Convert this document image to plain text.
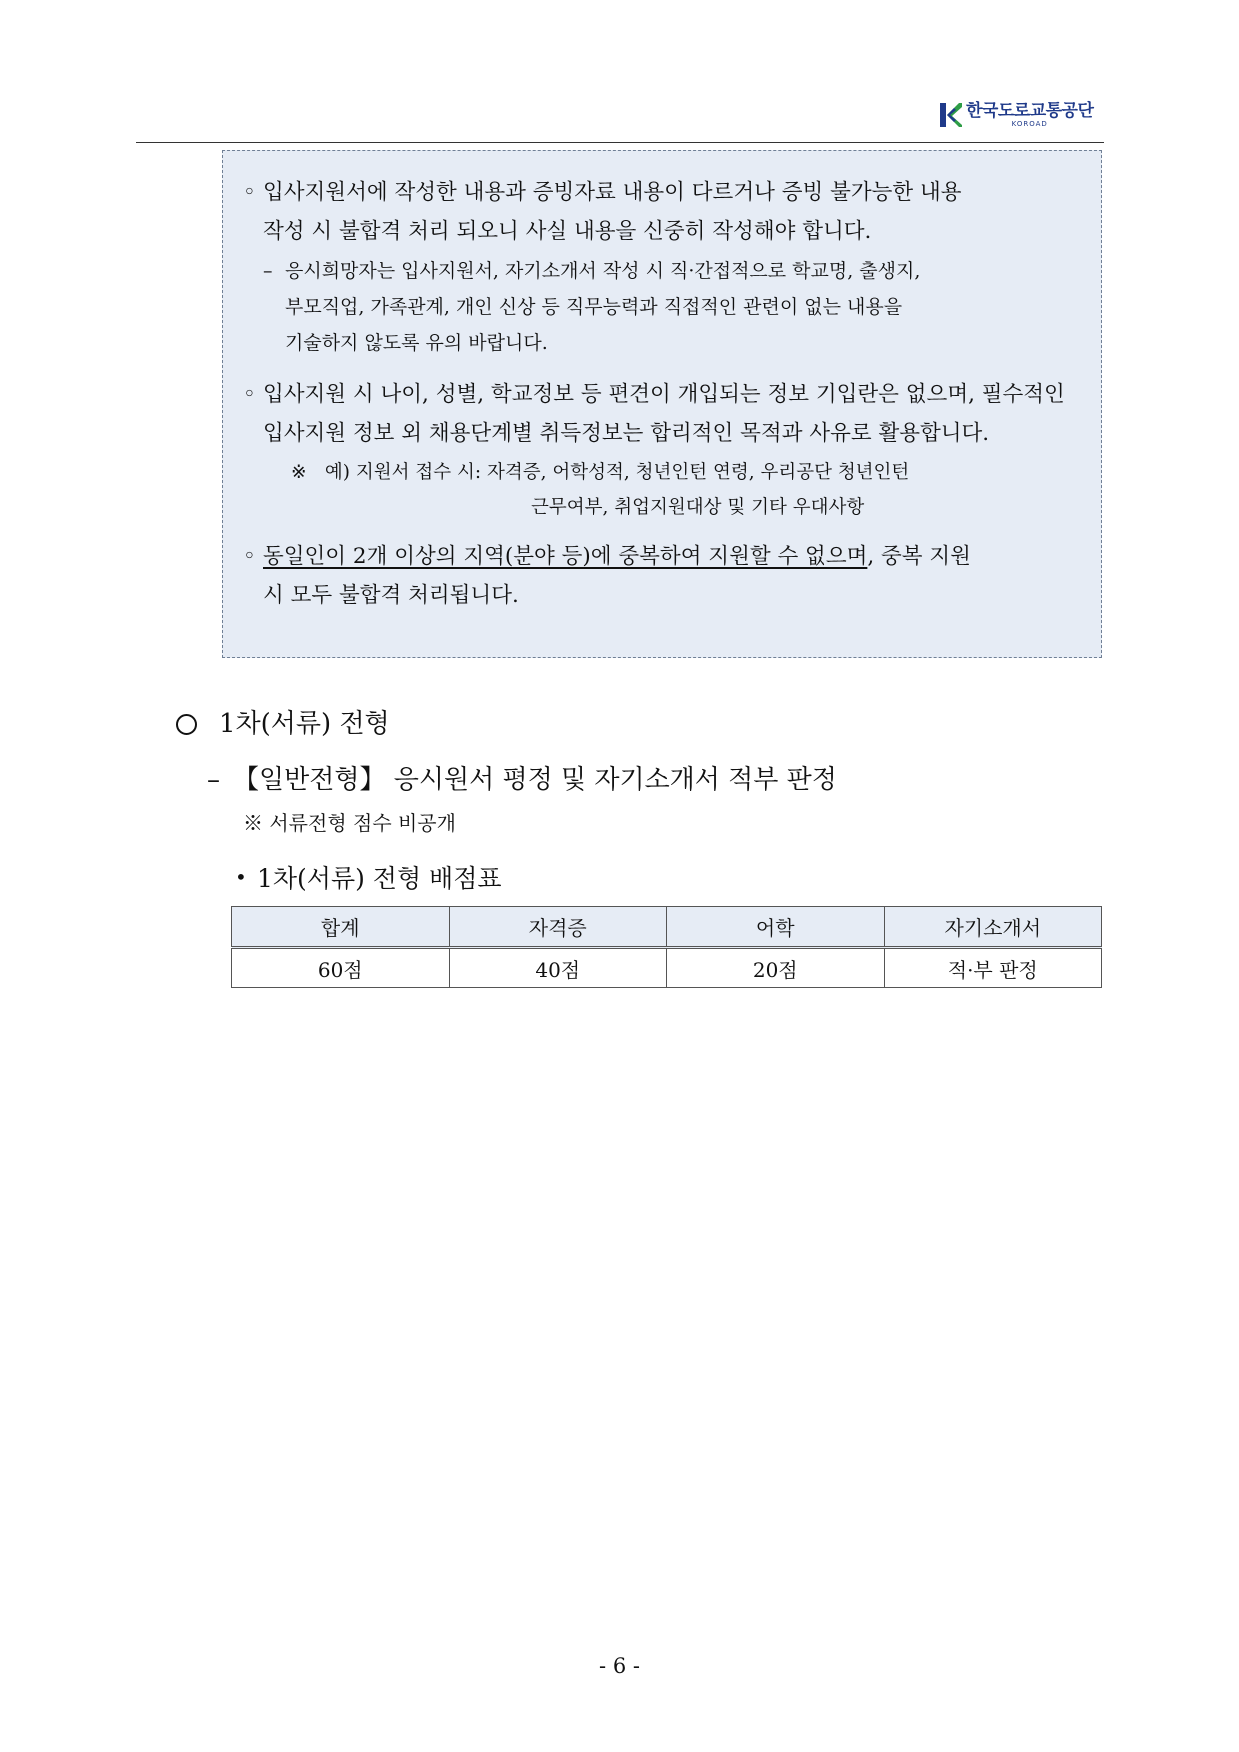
한국도로교통공단
KOROAD
◦ 입사지원서에 작성한 내용과 증빙자료 내용이 다르거나 증빙 불가능한 내용

작성 시 불합격 처리 되오니 사실 내용을 신중히 작성해야 합니다.

– 응시희망자는 입사지원서, 자기소개서 작성 시 직·간접적으로 학교명, 출생지,

부모직업, 가족관계, 개인 신상 등 직무능력과 직접적인 관련이 없는 내용을

기술하지 않도록 유의 바랍니다.

◦ 입사지원 시 나이, 성별, 학교정보 등 편견이 개입되는 정보 기입란은 없으며, 필수적인

입사지원 정보 외 채용단계별 취득정보는 합리적인 목적과 사유로 활용합니다.

※ 예) 지원서 접수 시: 자격증, 어학성적, 청년인턴 연령, 우리공단 청년인턴
근무여부, 취업지원대상 및 기타 우대사항
◦ 동일인이 2개 이상의 지역(분야 등)에 중복하여 지원할 수 없으며, 중복 지원

시 모두 불합격 처리됩니다.

1차(서류) 전형
– 【일반전형】 응시원서 평정 및 자기소개서 적부 판정
※ 서류전형 점수 비공개
• 1차(서류) 전형 배점표
합계	자격증	어학	자기소개서
60점	40점	20점	적·부 판정
- 6 -
